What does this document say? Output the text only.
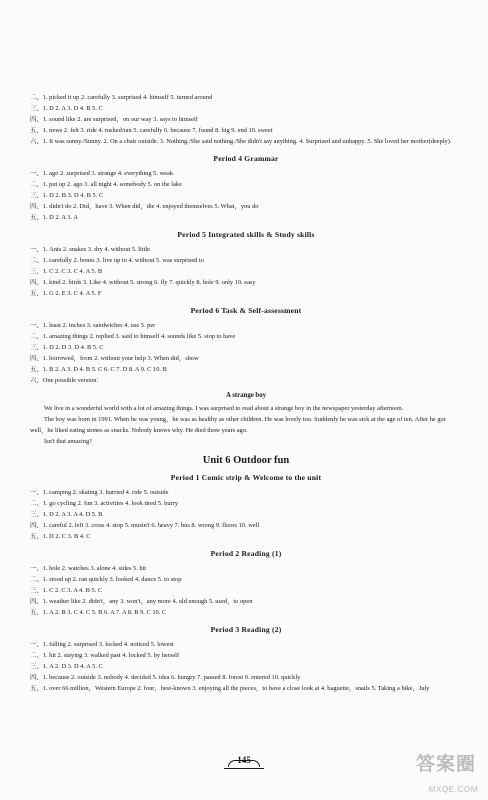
二、1. picked it up 2. carefully 3. surprised 4. himself 5. turned around
三、1. D 2. A 3. D 4. B 5. C
四、1. sound like 2. are surprised，on our way 3. says to himself
五、1. news 2. felt 3. ride 4. rushed/ran 5. carefully 6. because 7. found 8. big 9. end 10. sweet
六、1. It was sunny./Sunny. 2. On a chair outside. 3. Nothing./She said nothing./She didn't say anything. 4. Surprised and unhappy. 5. She loved her mother(deeply).
Period 4 Grammar
一、1. ago 2. surprised 3. strange 4. everything 5. weak
二、1. put up 2. ago 3. all night 4. somebody 5. on the lake
三、1. D 2. B 3. D 4. B 5. C
四、1. didn't do 2. Did，have 3. When did，die 4. enjoyed themselves 5. What，you do
五、1. D 2. A 3. A
Period 5 Integrated skills & Study skills
一、1. Ants 2. snakes 3. dry 4. without 5. little
二、1. carefully 2. bones 3. live up to 4. without 5. was surprised to
三、1. C 2. C 3. C 4. A 5. B
四、1. kind 2. birds 3. Like 4. without 5. strong 6. fly 7. quickly 8. hole 9. only 10. easy
五、1. G 2. E 3. C 4. A 5. F
Period 6 Task & Self-assessment
一、1. least 2. inches 3. sandwiches 4. use 5. per
二、1. amazing things 2. replied 3. said to himself 4. sounds like 5. stop to have
三、1. D 2. D 3. D 4. B 5. C
四、1. borrowed，from 2. without your help 3. When did，show
五、1. B 2. A 3. D 4. B 5. C 6. C 7. D 8. A 9. C 10. B
六、One possible version：
A strange boy
We live in a wonderful world with a lot of amazing things. I was surprised to read about a strange boy in the newspaper yesterday afternoon.
The boy was born in 1991. When he was young，he was as healthy as other children. He was lovely too. Suddenly he was sick at the age of ten. After he got well，he liked eating stones as snacks. Nobody knows why. He died three years ago.
Isn't that amazing?
Unit 6 Outdoor fun
Period 1 Comic strip & Welcome to the unit
一、1. camping 2. skating 3. hurried 4. ride 5. outside
二、1. go cycling 2. fun 3. activities 4. look tired 5. hurry
三、1. D 2. A 3. A 4. D 5. B
四、1. careful 2. left 3. cross 4. stop 5. mustn't 6. heavy 7. bus 8. wrong 9. floors 10. well
五、1. D 2. C 3. B 4. C
Period 2 Reading (1)
一、1. hole 2. watches 3. alone 4. sides 5. hit
二、1. stood up 2. ran quickly 3. looked 4. dance 5. to stop
三、1. C 2. C 3. A 4. B 5. C
四、1. weather like 2. didn't，any 3. won't，any more 4. old enough 5. used，to open
五、1. A 2. B 3. C 4. C 5. B 6. A 7. A 8. B 9. C 10. C
Period 3 Reading (2)
一、1. falling 2. surprised 3. locked 4. noticed 5. lowest
二、1. hit 2. staying 3. walked past 4. locked 5. by herself
三、1. A 2. D 3. D 4. A 5. C
四、1. because 2. outside 3. nobody 4. decided 5. idea 6. hungry 7. passed 8. forest 9. entered 10. quickly
五、1. over 66 million，Western Europe 2. four，best-known 3. enjoying all the pieces，to have a close look at 4. baguette，snails 5. Taking a bike，July
145	答案圈
MXQE.COM
